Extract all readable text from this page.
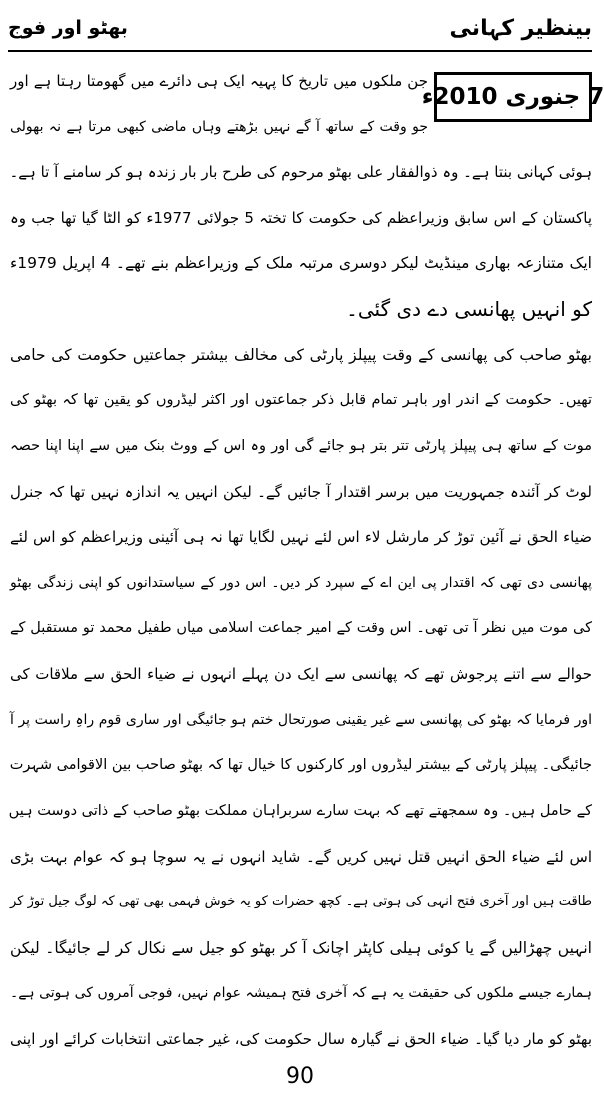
بینظیر کہانی
بھٹو اور فوج
7 جنوری 2010ء
جن ملکوں میں تاریخ کا پہیہ ایک ہی دائرے میں گھومتا رہتا ہے اور
جو وقت کے ساتھ آ گے نہیں بڑھتے وہاں ماضی کبھی مرتا ہے نہ بھولی
ہوئی کہانی بنتا ہے۔ وہ ذوالفقار علی بھٹو مرحوم کی طرح بار بار زندہ ہو کر سامنے آ تا ہے۔
پاکستان کے اس سابق وزیراعظم کی حکومت کا تختہ 5 جولائی 1977ء کو الٹا گیا تھا جب وہ
ایک متنازعہ بھاری مینڈیٹ لیکر دوسری مرتبہ ملک کے وزیراعظم بنے تھے۔ 4 اپریل 1979ء
کو انہیں پھانسی دے دی گئی۔
بھٹو صاحب کی پھانسی کے وقت پیپلز پارٹی کی مخالف بیشتر جماعتیں حکومت کی حامی
تھیں۔ حکومت کے اندر اور باہر تمام قابل ذکر جماعتوں اور اکثر لیڈروں کو یقین تھا کہ بھٹو کی
موت کے ساتھ ہی پیپلز پارٹی تتر بتر ہو جائے گی اور وہ اس کے ووٹ بنک میں سے اپنا اپنا حصہ
لوٹ کر آئندہ جمہوریت میں برسر اقتدار آ جائیں گے۔ لیکن انہیں یہ اندازہ نہیں تھا کہ جنرل
ضیاء الحق نے آئین توڑ کر مارشل لاء اس لئے نہیں لگایا تھا نہ ہی آئینی وزیراعظم کو اس لئے
پھانسی دی تھی کہ اقتدار پی این اے کے سپرد کر دیں۔ اس دور کے سیاستدانوں کو اپنی زندگی بھٹو
کی موت میں نظر آ تی تھی۔ اس وقت کے امیر جماعت اسلامی میاں طفیل محمد تو مستقبل کے
حوالے سے اتنے پرجوش تھے کہ پھانسی سے ایک دن پہلے انہوں نے ضیاء الحق سے ملاقات کی
اور فرمایا کہ بھٹو کی پھانسی سے غیر یقینی صورتحال ختم ہو جائیگی اور ساری قوم راہِ راست پر آ
جائیگی۔ پیپلز پارٹی کے بیشتر لیڈروں اور کارکنوں کا خیال تھا کہ بھٹو صاحب بین الاقوامی شہرت
کے حامل ہیں۔ وہ سمجھتے تھے کہ بہت سارے سربراہان مملکت بھٹو صاحب کے ذاتی دوست ہیں
اس لئے ضیاء الحق انہیں قتل نہیں کریں گے۔ شاید انہوں نے یہ سوچا ہو کہ عوام بہت بڑی
طاقت ہیں اور آخری فتح انہی کی ہوتی ہے۔ کچھ حضرات کو یہ خوش فہمی بھی تھی کہ لوگ جیل توڑ کر
انہیں چھڑالیں گے یا کوئی ہیلی کاپٹر اچانک آ کر بھٹو کو جیل سے نکال کر لے جائیگا۔ لیکن
ہمارے جیسے ملکوں کی حقیقت یہ ہے کہ آخری فتح ہمیشہ عوام نہیں، فوجی آمروں کی ہوتی ہے۔
بھٹو کو مار دیا گیا۔ ضیاء الحق نے گیارہ سال حکومت کی، غیر جماعتی انتخابات کرائے اور اپنی
90
